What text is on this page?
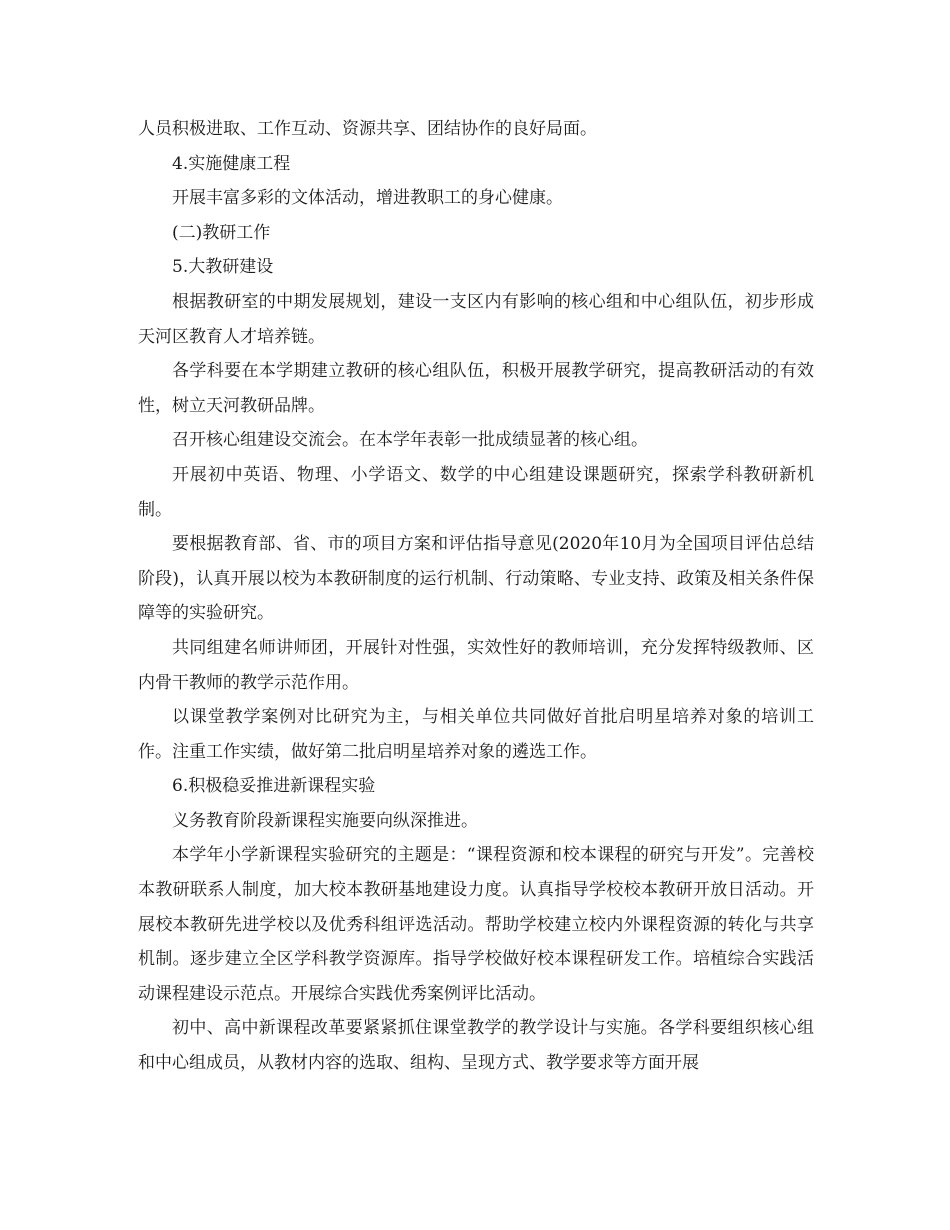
人员积极进取、工作互动、资源共享、团结协作的良好局面。

4.实施健康工程

开展丰富多彩的文体活动，增进教职工的身心健康。

(二)教研工作

5.大教研建设

根据教研室的中期发展规划，建设一支区内有影响的核心组和中心组队伍，初步形成天河区教育人才培养链。

各学科要在本学期建立教研的核心组队伍，积极开展教学研究，提高教研活动的有效性，树立天河教研品牌。

召开核心组建设交流会。在本学年表彰一批成绩显著的核心组。

开展初中英语、物理、小学语文、数学的中心组建设课题研究，探索学科教研新机制。

要根据教育部、省、市的项目方案和评估指导意见(2020年10月为全国项目评估总结阶段)，认真开展以校为本教研制度的运行机制、行动策略、专业支持、政策及相关条件保障等的实验研究。

共同组建名师讲师团，开展针对性强，实效性好的教师培训，充分发挥特级教师、区内骨干教师的教学示范作用。

以课堂教学案例对比研究为主，与相关单位共同做好首批启明星培养对象的培训工作。注重工作实绩，做好第二批启明星培养对象的遴选工作。

6.积极稳妥推进新课程实验

义务教育阶段新课程实施要向纵深推进。

本学年小学新课程实验研究的主题是：“课程资源和校本课程的研究与开发”。完善校本教研联系人制度，加大校本教研基地建设力度。认真指导学校校本教研开放日活动。开展校本教研先进学校以及优秀科组评选活动。帮助学校建立校内外课程资源的转化与共享机制。逐步建立全区学科教学资源库。指导学校做好校本课程研发工作。培植综合实践活动课程建设示范点。开展综合实践优秀案例评比活动。

初中、高中新课程改革要紧紧抓住课堂教学的教学设计与实施。各学科要组织核心组和中心组成员，从教材内容的选取、组构、呈现方式、教学要求等方面开展
